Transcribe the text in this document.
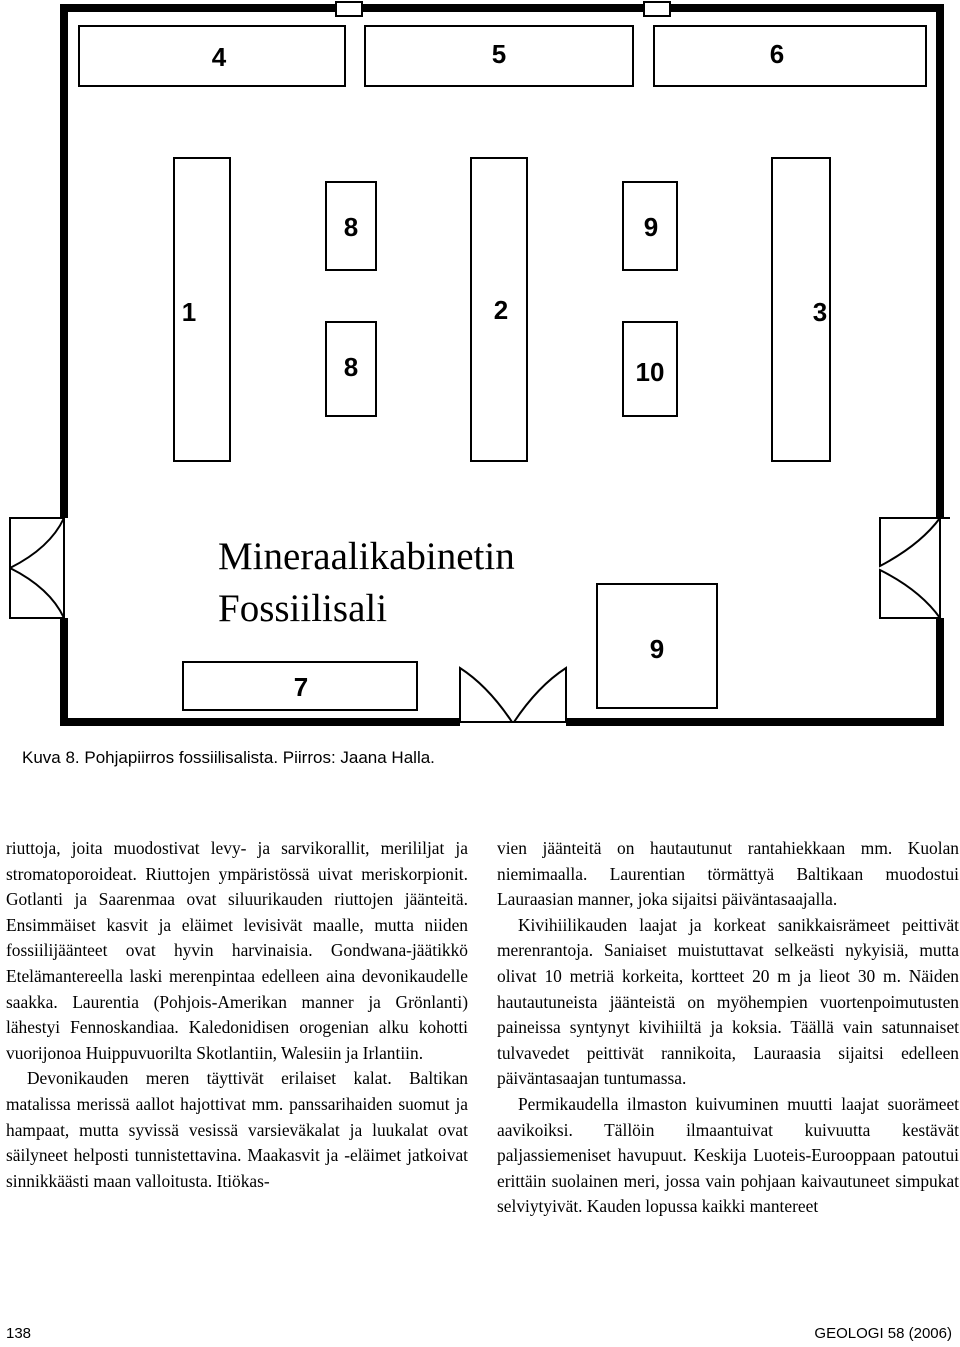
4	5	6
8	9
1	2	3
8	10
9
7
Mineraalikabinetin
Fossiilisali
Kuva 8. Pohjapiirros fossiilisalista. Piirros: Jaana Halla.

riuttoja, joita muodostivat levy- ja sarvikorallit, merililjat ja stromatoporoideat. Riuttojen ympäristössä uivat meriskorpionit. Gotlanti ja Saarenmaa ovat siluurikauden riuttojen jäänteitä. Ensimmäiset kasvit ja eläimet levisivät maalle, mutta niiden fossiilijäänteet ovat hyvin harvinaisia. Gondwana-jäätikkö Etelämantereella laski merenpintaa edelleen aina devonikaudelle saakka. Laurentia (Pohjois-Amerikan manner ja Grönlanti) lähestyi Fennoskandiaa. Kaledonidisen orogenian alku kohotti vuorijonoa Huippuvuorilta Skotlantiin, Walesiin ja Irlantiin.

Devonikauden meren täyttivät erilaiset kalat. Baltikan matalissa merissä aallot hajottivat mm. panssarihaiden suomut ja hampaat, mutta syvissä vesissä varsieväkalat ja luukalat ovat säilyneet helposti tunnistettavina. Maakasvit ja -eläimet jatkoivat sinnikkäästi maan valloitusta. Itiökas-

vien jäänteitä on hautautunut rantahiekkaan mm. Kuolan niemimaalla. Laurentian törmättyä Baltikaan muodostui Lauraasian manner, joka sijaitsi päiväntasaajalla.

Kivihiilikauden laajat ja korkeat sanikkaisrämeet peittivät merenrantoja. Saniaiset muistuttavat selkeästi nykyisiä, mutta olivat 10 metriä korkeita, kortteet 20 m ja lieot 30 m. Näiden hautautuneista jäänteistä on myöhempien vuortenpoimutusten paineissa syntynyt kivihiiltä ja koksia. Täällä vain satunnaiset tulvavedet peittivät rannikoita, Lauraasia sijaitsi edelleen päiväntasaajan tuntumassa.

Permikaudella ilmaston kuivuminen muutti laajat suorämeet aavikoiksi. Tällöin ilmaantuivat kuivuutta kestävät paljassiemeniset havupuut. Keskija Luoteis-Eurooppaan patoutui erittäin suolainen meri, jossa vain pohjaan kaivautuneet simpukat selviytyivät. Kauden lopussa kaikki mantereet

138	GEOLOGI 58 (2006)
